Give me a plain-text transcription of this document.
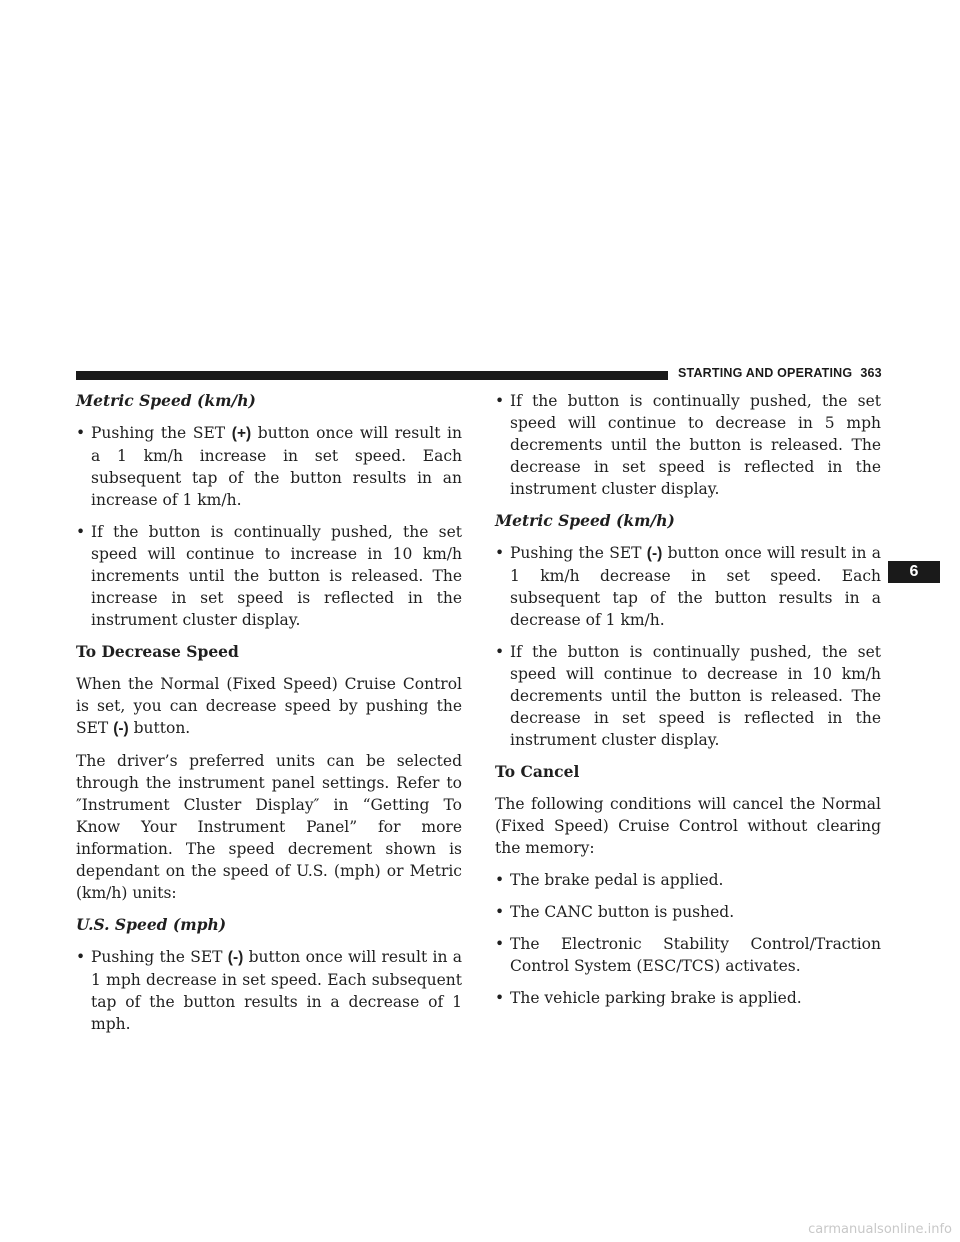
STARTING AND OPERATING 363

Metric Speed (km/h)

• Pushing the SET (+) button once will result in a 1 km/h increase in set speed. Each subsequent tap of the button results in an increase of 1 km/h.
• If the button is continually pushed, the set speed will continue to increase in 10 km/h increments until the button is released. The increase in set speed is reflected in the instrument cluster display.

To Decrease Speed

When the Normal (Fixed Speed) Cruise Control is set, you can decrease speed by pushing the SET (-) button.

The driver’s preferred units can be selected through the instrument panel settings. Refer to ″Instrument Cluster Display″ in “Getting To Know Your Instrument Panel” for more information. The speed decrement shown is dependant on the speed of U.S. (mph) or Metric (km/h) units:

U.S. Speed (mph)

• Pushing the SET (-) button once will result in a 1 mph decrease in set speed. Each subsequent tap of the button results in a decrease of 1 mph.
• If the button is continually pushed, the set speed will continue to decrease in 5 mph decrements until the button is released. The decrease in set speed is reflected in the instrument cluster display.

Metric Speed (km/h)

• Pushing the SET (-) button once will result in a 1 km/h decrease in set speed. Each subsequent tap of the button results in a decrease of 1 km/h.
• If the button is continually pushed, the set speed will continue to decrease in 10 km/h decrements until the button is released. The decrease in set speed is reflected in the instrument cluster display.

To Cancel

The following conditions will cancel the Normal (Fixed Speed) Cruise Control without clearing the memory:

• The brake pedal is applied.
• The CANC button is pushed.
• The Electronic Stability Control/Traction Control System (ESC/TCS) activates.
• The vehicle parking brake is applied.
6
carmanualsonline.info
